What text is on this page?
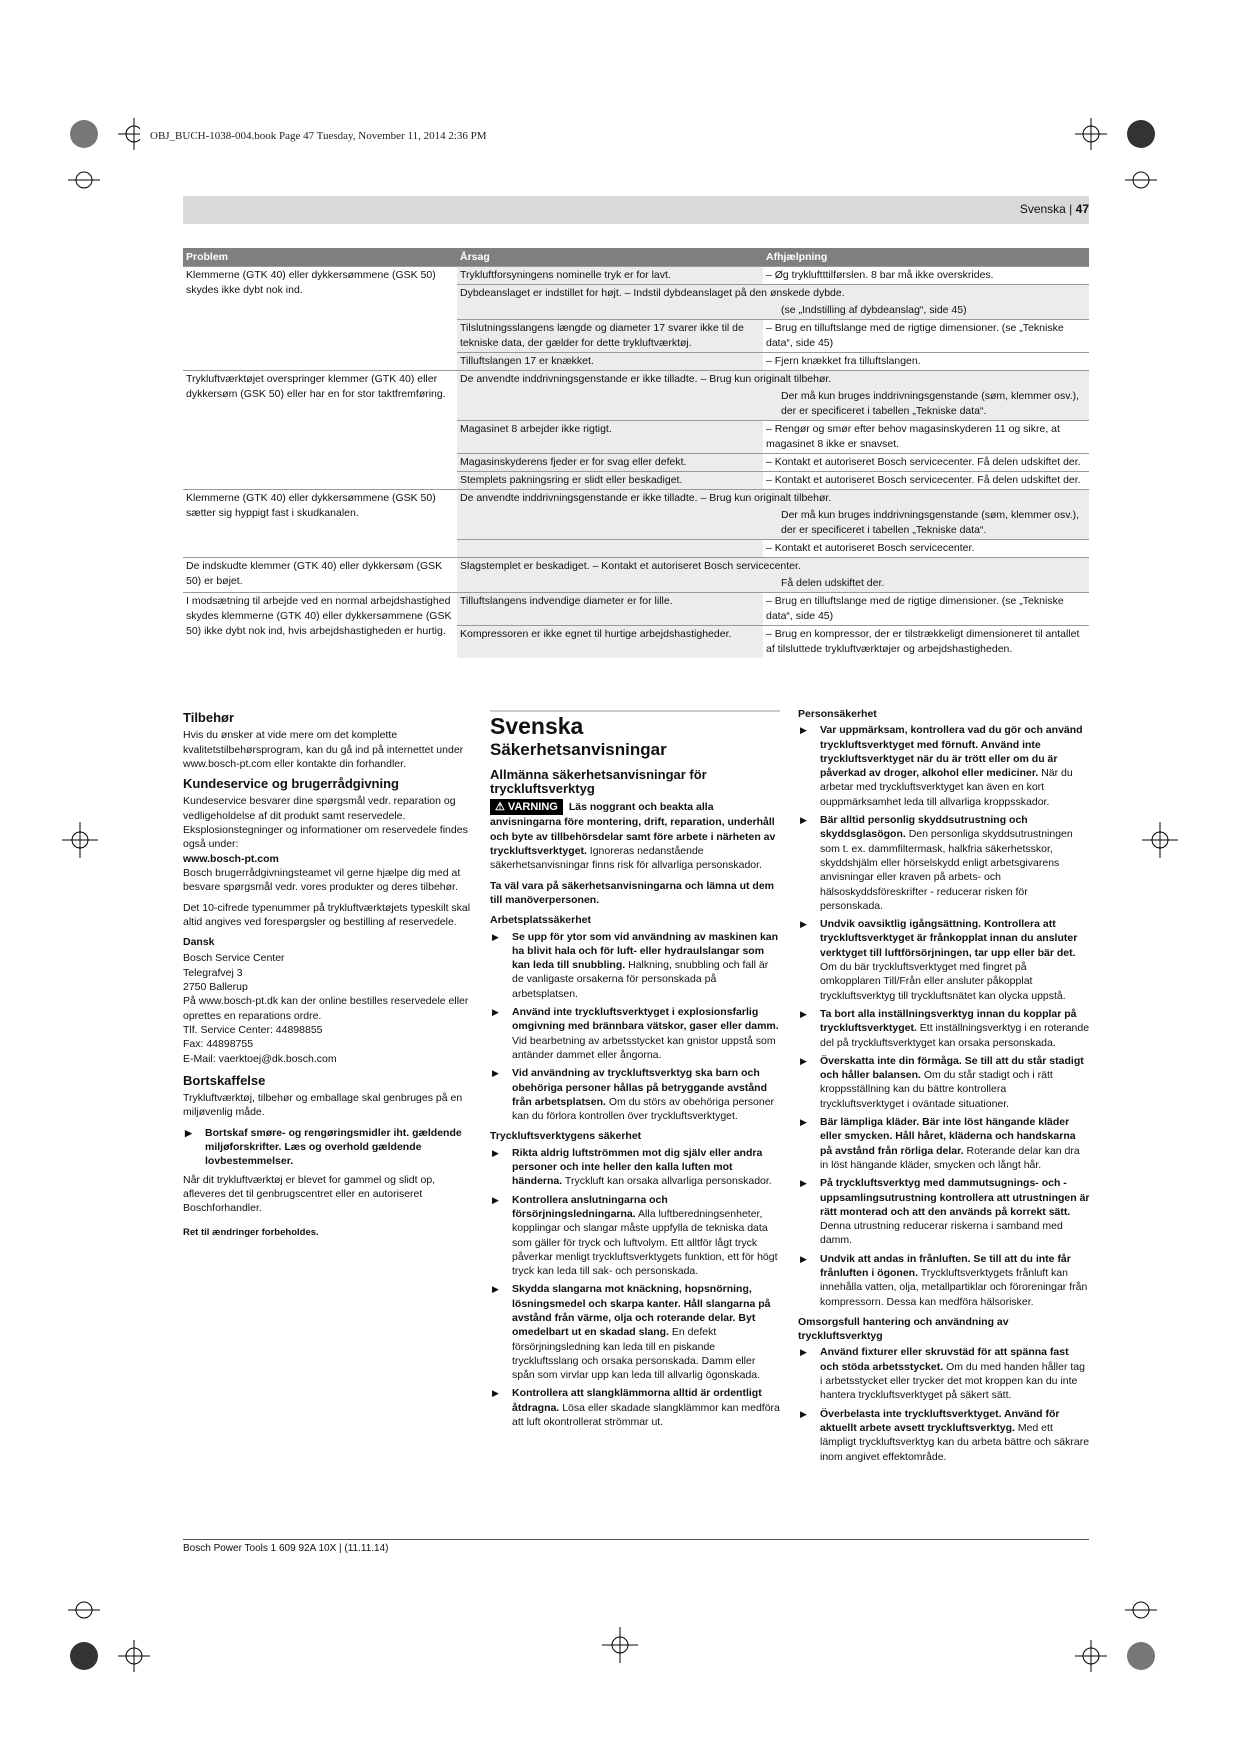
OBJ_BUCH-1038-004.book Page 47 Tuesday, November 11, 2014 2:36 PM
Svenska | 47
Problem	Årsag	Afhjælpning
Klemmerne (GTK 40) eller dykkersømmene (GSK 50) skydes ikke dybt nok ind.	Trykluftforsyningens nominelle tryk er for lavt.	– Øg trykluftttilførslen. 8 bar må ikke overskrides.
	Dybdeanslaget er indstillet for højt. – Indstil dybdeanslaget på den ønskede dybde.	
	(se „Indstilling af dybdeanslag“, side 45)	
	Tilslutningsslangens længde og diameter 17 svarer ikke til de tekniske data, der gælder for dette trykluftværktøj.	– Brug en tilluftslange med de rigtige dimensioner. (se „Tekniske data“, side 45)
	Tilluftslangen 17 er knækket.	– Fjern knækket fra tilluftslangen.
Trykluftværktøjet overspringer klemmer (GTK 40) eller dykkersøm (GSK 50) eller har en for stor taktfremføring.	De anvendte inddrivningsgenstande er ikke tilladte. – Brug kun originalt tilbehør.	
	Der må kun bruges inddrivningsgenstande (søm, klemmer osv.), der er specificeret i tabellen „Tekniske data“.	
	Magasinet 8 arbejder ikke rigtigt.	– Rengør og smør efter behov magasinskyderen 11 og sikre, at magasinet 8 ikke er snavset.
	Magasinskyderens fjeder er for svag eller defekt.	– Kontakt et autoriseret Bosch servicecenter. Få delen udskiftet der.
	Stemplets pakningsring er slidt eller beskadiget.	– Kontakt et autoriseret Bosch servicecenter. Få delen udskiftet der.
Klemmerne (GTK 40) eller dykkersømmene (GSK 50) sætter sig hyppigt fast i skudkanalen.	De anvendte inddrivningsgenstande er ikke tilladte. – Brug kun originalt tilbehør.	
	Der må kun bruges inddrivningsgenstande (søm, klemmer osv.), der er specificeret i tabellen „Tekniske data“.	
		– Kontakt et autoriseret Bosch servicecenter.
De indskudte klemmer (GTK 40) eller dykkersøm (GSK 50) er bøjet.	Slagstemplet er beskadiget. – Kontakt et autoriseret Bosch servicecenter.	
	Få delen udskiftet der.	
I modsætning til arbejde ved en normal arbejdshastighed skydes klemmerne (GTK 40) eller dykkersømmene (GSK 50) ikke dybt nok ind, hvis arbejdshastigheden er hurtig.	Tilluftslangens indvendige diameter er for lille.	– Brug en tilluftslange med de rigtige dimensioner. (se „Tekniske data“, side 45)
	Kompressoren er ikke egnet til hurtige arbejdshastigheder.	– Brug en kompressor, der er tilstrækkeligt dimensioneret til antallet af tilsluttede trykluftværktøjer og arbejdshastigheden.
Tilbehør

Hvis du ønsker at vide mere om det komplette kvalitetstilbehørsprogram, kan du gå ind på internettet under www.bosch-pt.com eller kontakte din forhandler.

Kundeservice og brugerrådgivning

Kundeservice besvarer dine spørgsmål vedr. reparation og vedligeholdelse af dit produkt samt reservedele. Eksplosionstegninger og informationer om reservedele findes også under:

www.bosch-pt.com

Bosch brugerrådgivningsteamet vil gerne hjælpe dig med at besvare spørgsmål vedr. vores produkter og deres tilbehør.

Det 10-cifrede typenummer på trykluftværktøjets typeskilt skal altid angives ved forespørgsler og bestilling af reservedele.

Dansk
Bosch Service Center
Telegrafvej 3
2750 Ballerup
På www.bosch-pt.dk kan der online bestilles reservedele eller oprettes en reparations ordre.
Tlf. Service Center: 44898855
Fax: 44898755
E-Mail: vaerktoej@dk.bosch.com
Bortskaffelse

Trykluftværktøj, tilbehør og emballage skal genbruges på en miljøvenlig måde.

▶ Bortskaf smøre- og rengøringsmidler iht. gældende miljøforskrifter. Læs og overhold gældende lovbestemmelser.

Når dit trykluftværktøj er blevet for gammel og slidt op, afleveres det til genbrugscentret eller en autoriseret Boschforhandler.

Ret til ændringer forbeholdes.

Svenska
Säkerhetsanvisningar
Allmänna säkerhetsanvisningar för tryckluftsverktyg

⚠ VARNING Läs noggrant och beakta alla anvisningarna före montering, drift, reparation, underhåll och byte av tillbehörsdelar samt före arbete i närheten av tryckluftsverktyget. Ignoreras nedanstående säkerhetsanvisningar finns risk för allvarliga personskador.

Ta väl vara på säkerhetsanvisningarna och lämna ut dem till manöverpersonen.

Arbetsplatssäkerhet
▶ Se upp för ytor som vid användning av maskinen kan ha blivit hala och för luft- eller hydraulslangar som kan leda till snubbling. Halkning, snubbling och fall är de vanligaste orsakerna för personskada på arbetsplatsen.
▶ Använd inte tryckluftsverktyget i explosionsfarlig omgivning med brännbara vätskor, gaser eller damm. Vid bearbetning av arbetsstycket kan gnistor uppstå som antänder dammet eller ångorna.
▶ Vid användning av tryckluftsverktyg ska barn och obehöriga personer hållas på betryggande avstånd från arbetsplatsen. Om du störs av obehöriga personer kan du förlora kontrollen över tryckluftsverktyget.
Tryckluftsverktygens säkerhet
▶ Rikta aldrig luftströmmen mot dig själv eller andra personer och inte heller den kalla luften mot händerna. Tryckluft kan orsaka allvarliga personskador.
▶ Kontrollera anslutningarna och försörjningsledningarna. Alla luftberedningsenheter, kopplingar och slangar måste uppfylla de tekniska data som gäller för tryck och luftvolym. Ett alltför lågt tryck påverkar menligt tryckluftsverktygets funktion, ett för högt tryck kan leda till sak- och personskada.
▶ Skydda slangarna mot knäckning, hopsnörning, lösningsmedel och skarpa kanter. Håll slangarna på avstånd från värme, olja och roterande delar. Byt omedelbart ut en skadad slang. En defekt försörjningsledning kan leda till en piskande tryckluftsslang och orsaka personskada. Damm eller spån som virvlar upp kan leda till allvarlig ögonskada.
▶ Kontrollera att slangklämmorna alltid är ordentligt åtdragna. Lösa eller skadade slangklämmor kan medföra att luft okontrollerat strömmar ut.
Personsäkerhet
▶ Var uppmärksam, kontrollera vad du gör och använd tryckluftsverktyget med förnuft. Använd inte tryckluftsverktyget när du är trött eller om du är påverkad av droger, alkohol eller mediciner. När du arbetar med tryckluftsverktyget kan även en kort ouppmärksamhet leda till allvarliga kroppsskador.
▶ Bär alltid personlig skyddsutrustning och skyddsglasögon. Den personliga skyddsutrustningen som t. ex. dammfiltermask, halkfria säkerhetsskor, skyddshjälm eller hörselskydd enligt arbetsgivarens anvisningar eller kraven på arbets- och hälsoskyddsföreskrifter - reducerar risken för personskada.
▶ Undvik oavsiktlig igångsättning. Kontrollera att tryckluftsverktyget är frånkopplat innan du ansluter verktyget till luftförsörjningen, tar upp eller bär det. Om du bär tryckluftsverktyget med fingret på omkopplaren Till/Från eller ansluter påkopplat tryckluftsverktyg till tryckluftsnätet kan olycka uppstå.
▶ Ta bort alla inställningsverktyg innan du kopplar på tryckluftsverktyget. Ett inställningsverktyg i en roterande del på tryckluftsverktyget kan orsaka personskada.
▶ Överskatta inte din förmåga. Se till att du står stadigt och håller balansen. Om du står stadigt och i rätt kroppsställning kan du bättre kontrollera tryckluftsverktyget i oväntade situationer.
▶ Bär lämpliga kläder. Bär inte löst hängande kläder eller smycken. Håll håret, kläderna och handskarna på avstånd från rörliga delar. Roterande delar kan dra in löst hängande kläder, smycken och långt hår.
▶ På tryckluftsverktyg med dammutsugnings- och -uppsamlingsutrustning kontrollera att utrustningen är rätt monterad och att den används på korrekt sätt. Denna utrustning reducerar riskerna i samband med damm.
▶ Undvik att andas in frånluften. Se till att du inte får frånluften i ögonen. Tryckluftsverktygets frånluft kan innehålla vatten, olja, metallpartiklar och föroreningar från kompressorn. Dessa kan medföra hälsorisker.
Omsorgsfull hantering och användning av tryckluftsverktyg
▶ Använd fixturer eller skruvstäd för att spänna fast och stöda arbetsstycket. Om du med handen håller tag i arbetsstycket eller trycker det mot kroppen kan du inte hantera tryckluftsverktyget på säkert sätt.
▶ Överbelasta inte tryckluftsverktyget. Använd för aktuellt arbete avsett tryckluftsverktyg. Med ett lämpligt tryckluftsverktyg kan du arbeta bättre och säkrare inom angivet effektområde.
Bosch Power Tools 1 609 92A 10X | (11.11.14)
